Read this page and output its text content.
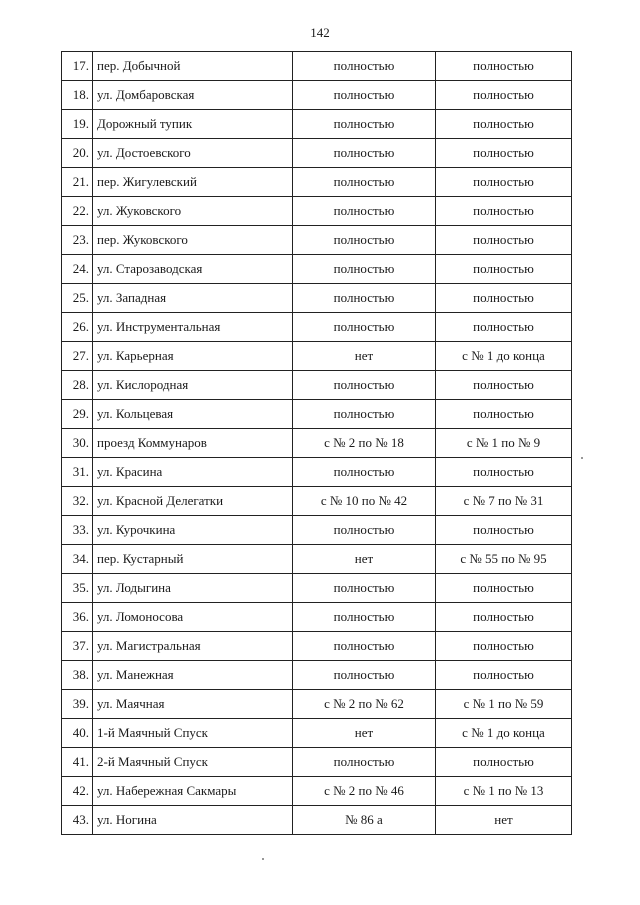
142
17.	пер. Добычной	полностью	полностью
18.	ул. Домбаровская	полностью	полностью
19.	Дорожный тупик	полностью	полностью
20.	ул. Достоевского	полностью	полностью
21.	пер. Жигулевский	полностью	полностью
22.	ул. Жуковского	полностью	полностью
23.	пер. Жуковского	полностью	полностью
24.	ул. Старозаводская	полностью	полностью
25.	ул. Западная	полностью	полностью
26.	ул. Инструментальная	полностью	полностью
27.	ул. Карьерная	нет	с № 1 до конца
28.	ул. Кислородная	полностью	полностью
29.	ул. Кольцевая	полностью	полностью
30.	проезд Коммунаров	с № 2 по № 18	с № 1 по № 9
31.	ул. Красина	полностью	полностью
32.	ул. Красной Делегатки	с № 10 по № 42	с № 7 по № 31
33.	ул. Курочкина	полностью	полностью
34.	пер. Кустарный	нет	с № 55 по № 95
35.	ул. Лодыгина	полностью	полностью
36.	ул. Ломоносова	полностью	полностью
37.	ул. Магистральная	полностью	полностью
38.	ул. Манежная	полностью	полностью
39.	ул. Маячная	с № 2 по № 62	с № 1 по № 59
40.	1-й Маячный Спуск	нет	с № 1 до конца
41.	2-й Маячный Спуск	полностью	полностью
42.	ул. Набережная Сакмары	с № 2 по № 46	с № 1 по № 13
43.	ул. Ногина	№ 86 а	нет
